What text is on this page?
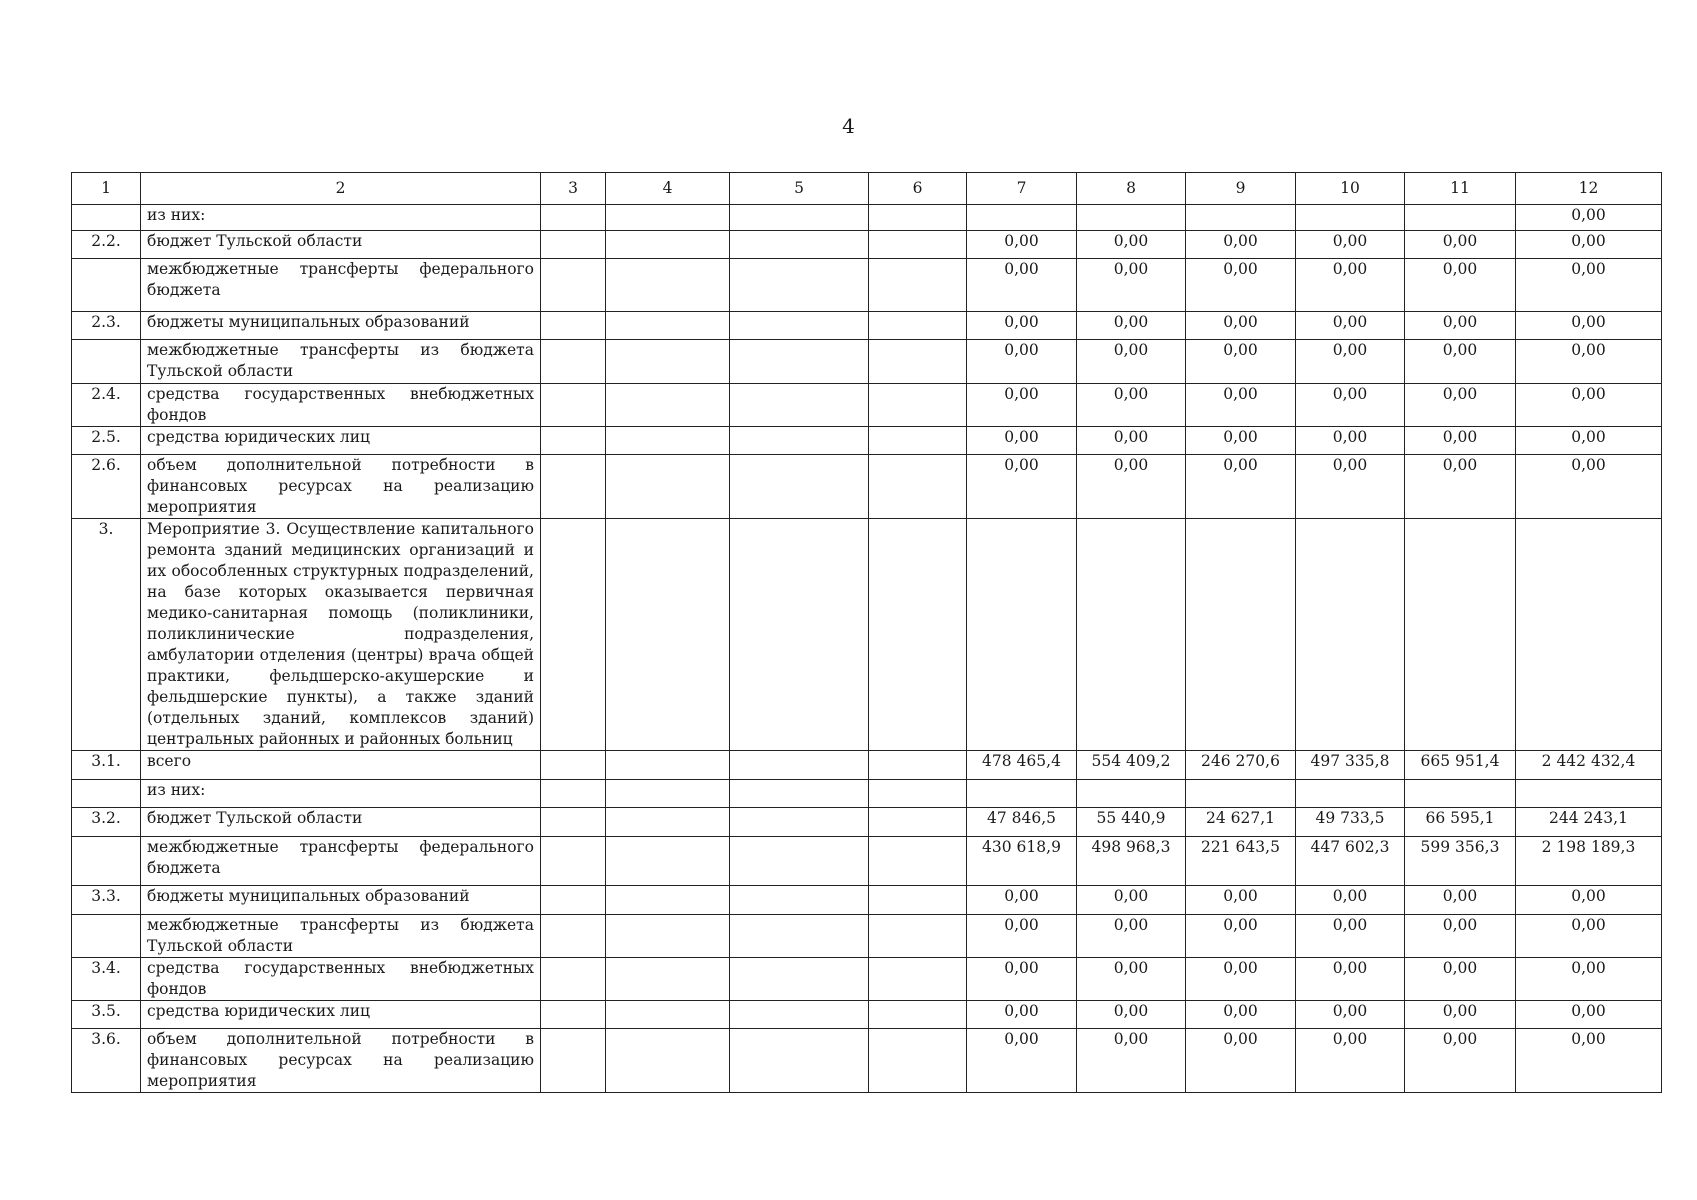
4
1	2	3	4	5	6	7	8	9	10	11	12
	из них:										0,00
2.2.	бюджет Тульской области					0,00	0,00	0,00	0,00	0,00	0,00
	межбюджетные трансферты федерального бюджета					0,00	0,00	0,00	0,00	0,00	0,00
2.3.	бюджеты муниципальных образований					0,00	0,00	0,00	0,00	0,00	0,00
	межбюджетные трансферты из бюджета Тульской области					0,00	0,00	0,00	0,00	0,00	0,00
2.4.	средства государственных внебюджетных фондов					0,00	0,00	0,00	0,00	0,00	0,00
2.5.	средства юридических лиц					0,00	0,00	0,00	0,00	0,00	0,00
2.6.	объем дополнительной потребности в финансовых ресурсах на реализацию мероприятия					0,00	0,00	0,00	0,00	0,00	0,00
3.	Мероприятие 3. Осуществление капитального ремонта зданий медицинских организаций и их обособленных структурных подразделений, на базе которых оказывается первичная медико-санитарная помощь (поликлиники, поликлинические подразделения, амбулатории отделения (центры) врача общей практики, фельдшерско-акушерские и фельдшерские пункты), а также зданий (отдельных зданий, комплексов зданий) центральных районных и районных больниц										
3.1.	всего					478 465,4	554 409,2	246 270,6	497 335,8	665 951,4	2 442 432,4
	из них:										
3.2.	бюджет Тульской области					47 846,5	55 440,9	24 627,1	49 733,5	66 595,1	244 243,1
	межбюджетные трансферты федерального бюджета					430 618,9	498 968,3	221 643,5	447 602,3	599 356,3	2 198 189,3
3.3.	бюджеты муниципальных образований					0,00	0,00	0,00	0,00	0,00	0,00
	межбюджетные трансферты из бюджета Тульской области					0,00	0,00	0,00	0,00	0,00	0,00
3.4.	средства государственных внебюджетных фондов					0,00	0,00	0,00	0,00	0,00	0,00
3.5.	средства юридических лиц					0,00	0,00	0,00	0,00	0,00	0,00
3.6.	объем дополнительной потребности в финансовых ресурсах на реализацию мероприятия					0,00	0,00	0,00	0,00	0,00	0,00
